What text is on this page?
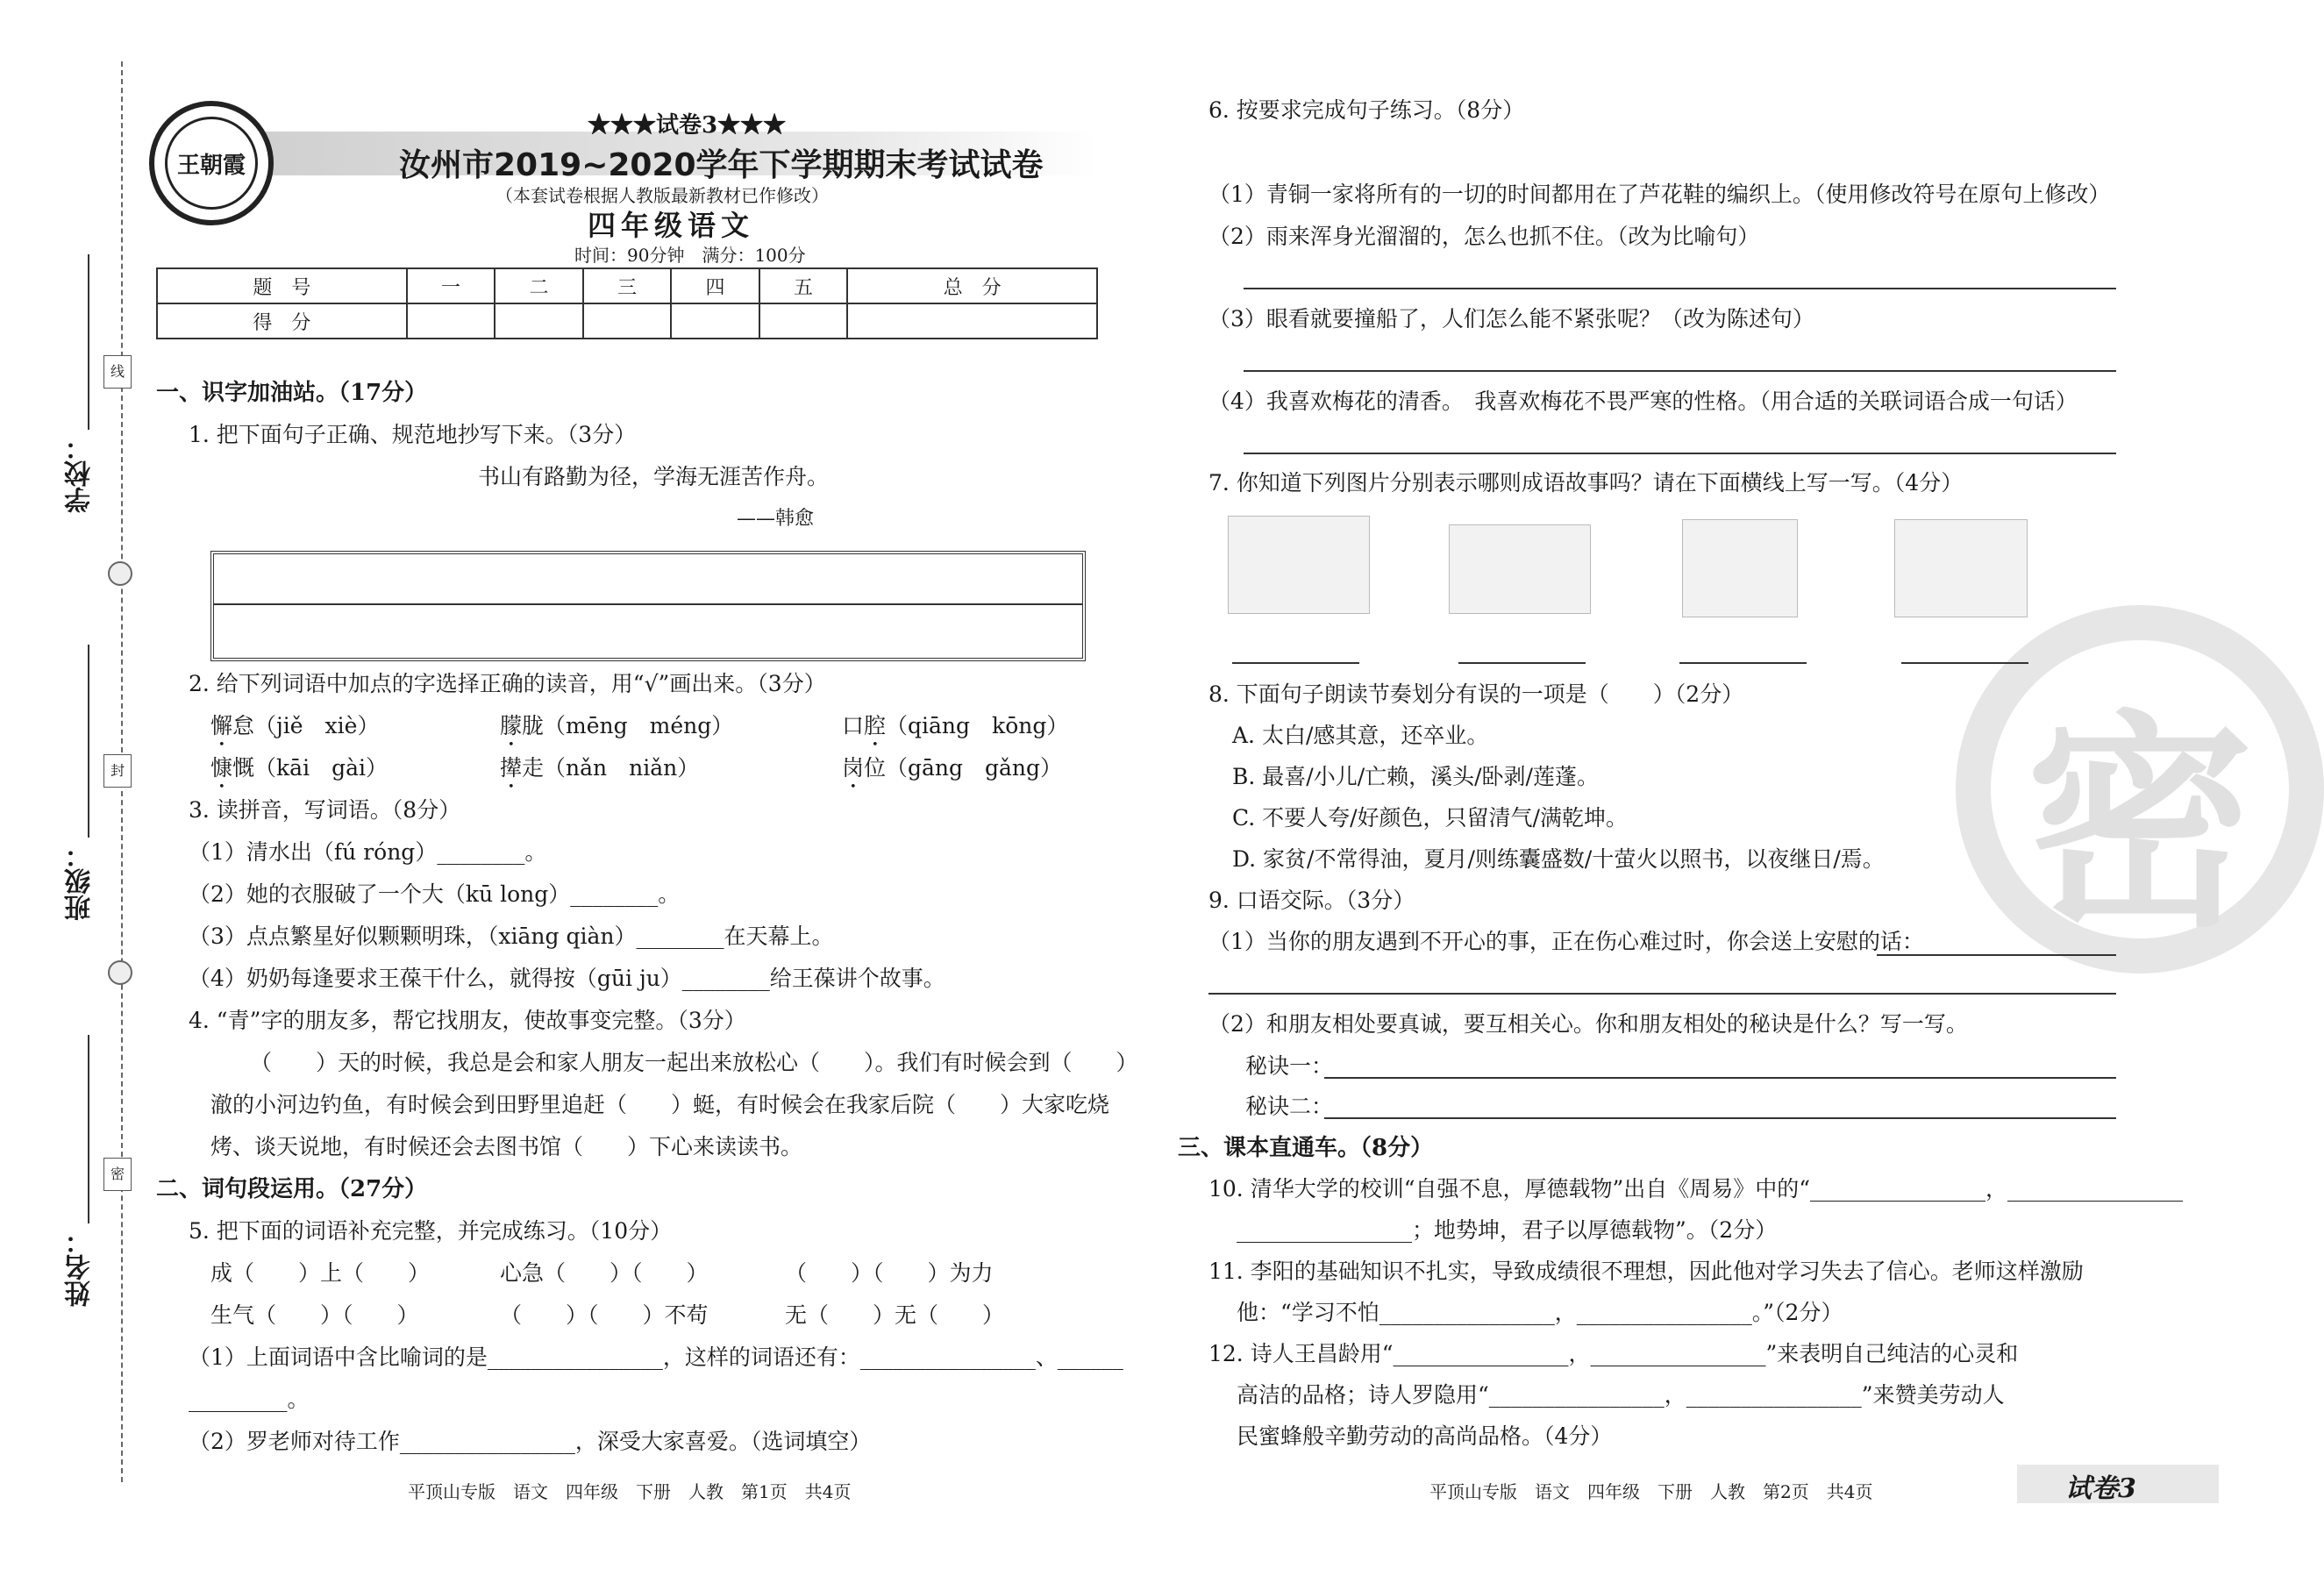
学校：
班级：
姓名：
线
封
密
王朝霞
★★★试卷3★★★
汝州市2019~2020学年下学期期末考试试卷
（本套试卷根据人教版最新教材已作修改）
四年级语文
时间：90分钟　满分：100分
题　号	一	二	三	四	五	总　分
得　分						
一、识字加油站。（17分）
1. 把下面句子正确、规范地抄写下来。（3分）
书山有路勤为径，学海无涯苦作舟。
——韩愈
2. 给下列词语中加点的字选择正确的读音，用“√”画出来。（3分）
懈怠（jiě　xiè）	朦胧（mēng　méng）	口腔（qiāng　kōng）
慷慨（kāi　gài）	撵走（nǎn　niǎn）	岗位（gāng　gǎng）
3. 读拼音，写词语。（8分）
（1）清水出（fú róng）________。
（2）她的衣服破了一个大（kū long）________。
（3）点点繁星好似颗颗明珠，（xiāng qiàn）________在天幕上。
（4）奶奶每逢要求王葆干什么，就得按（gūi ju）________给王葆讲个故事。
4. “青”字的朋友多，帮它找朋友，使故事变完整。（3分）
（　　）天的时候，我总是会和家人朋友一起出来放松心（　　）。我们有时候会到（　　）
澈的小河边钓鱼，有时候会到田野里追赶（　　）蜓，有时候会在我家后院（　　）大家吃烧
烤、谈天说地，有时候还会去图书馆（　　）下心来读读书。
二、词句段运用。（27分）
5. 把下面的词语补充完整，并完成练习。（10分）
成（　　）上（　　）	心急（　　）（　　）	（　　）（　　）为力
生气（　　）（　　）	（　　）（　　）不苟	无（　　）无（　　）
（1）上面词语中含比喻词的是________________，这样的词语还有：________________、______
_________。
（2）罗老师对待工作________________，深受大家喜爱。（选词填空）
平顶山专版　语文　四年级　下册　人教　第1页　共4页
密
6. 按要求完成句子练习。（8分）
（1）青铜一家将所有的一切的时间都用在了芦花鞋的编织上。（使用修改符号在原句上修改）
（2）雨来浑身光溜溜的，怎么也抓不住。（改为比喻句）
（3）眼看就要撞船了，人们怎么能不紧张呢？（改为陈述句）
（4）我喜欢梅花的清香。　我喜欢梅花不畏严寒的性格。（用合适的关联词语合成一句话）
7. 你知道下列图片分别表示哪则成语故事吗？请在下面横线上写一写。（4分）
8. 下面句子朗读节奏划分有误的一项是（　　）（2分）
A. 太白/感其意，还卒业。
B. 最喜/小儿/亡赖，溪头/卧剥/莲蓬。
C. 不要人夸/好颜色，只留清气/满乾坤。
D. 家贫/不常得油，夏月/则练囊盛数/十萤火以照书，以夜继日/焉。
9. 口语交际。（3分）
（1）当你的朋友遇到不开心的事，正在伤心难过时，你会送上安慰的话：
（2）和朋友相处要真诚，要互相关心。你和朋友相处的秘诀是什么？写一写。
秘诀一：
秘诀二：
三、课本直通车。（8分）
10. 清华大学的校训“自强不息，厚德载物”出自《周易》中的“________________，________________
________________；地势坤，君子以厚德载物”。（2分）
11. 李阳的基础知识不扎实，导致成绩很不理想，因此他对学习失去了信心。老师这样激励
他：“学习不怕________________，________________。”（2分）
12. 诗人王昌龄用“________________，________________”来表明自己纯洁的心灵和
高洁的品格；诗人罗隐用“________________，________________”来赞美劳动人
民蜜蜂般辛勤劳动的高尚品格。（4分）
平顶山专版　语文　四年级　下册　人教　第2页　共4页	试卷3
